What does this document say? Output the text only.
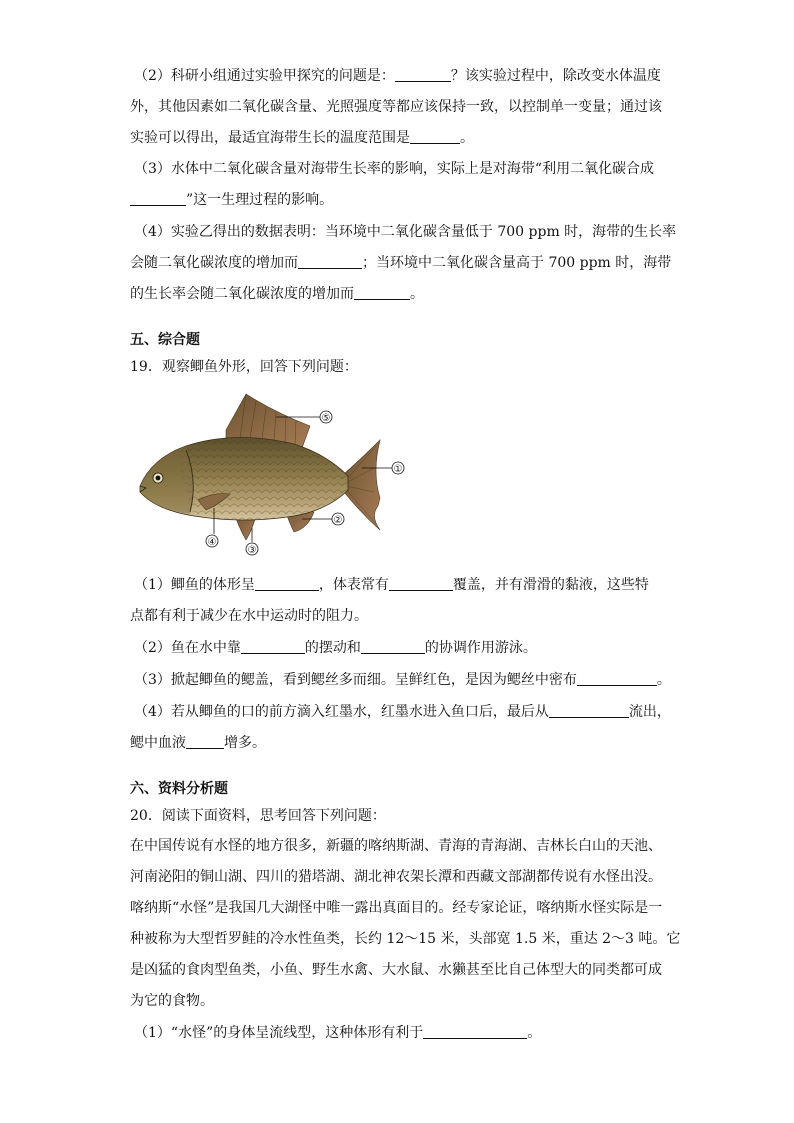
（2）科研小组通过实验甲探究的问题是：	？该实验过程中，除改变水体温度
外，其他因素如二氧化碳含量、光照强度等都应该保持一致，以控制单一变量；通过该
实验可以得出，最适宜海带生长的温度范围是	。
（3）水体中二氧化碳含量对海带生长率的影响，实际上是对海带“利用二氧化碳合成
”这一生理过程的影响。
（4）实验乙得出的数据表明：当环境中二氧化碳含量低于 700 ppm 时，海带的生长率
会随二氧化碳浓度的增加而	；当环境中二氧化碳含量高于 700 ppm 时，海带
的生长率会随二氧化碳浓度的增加而	。
五、综合题
19．观察鲫鱼外形，回答下列问题：
⑤
①
②
③
④
（1）鲫鱼的体形呈	，体表常有	覆盖，并有滑滑的黏液，这些特
点都有利于减少在水中运动时的阻力。
（2）鱼在水中靠	的摆动和	的协调作用游泳。
（3）掀起鲫鱼的鳃盖，看到鳃丝多而细。呈鲜红色，是因为鳃丝中密布	。
（4）若从鲫鱼的口的前方滴入红墨水，红墨水进入鱼口后，最后从	流出，
鳃中血液	增多。
六、资料分析题
20．阅读下面资料，思考回答下列问题：
在中国传说有水怪的地方很多，新疆的喀纳斯湖、青海的青海湖、吉林长白山的天池、
河南泌阳的铜山湖、四川的猎塔湖、湖北神农架长潭和西藏文部湖都传说有水怪出没。
喀纳斯“水怪”是我国几大湖怪中唯一露出真面目的。经专家论证，喀纳斯水怪实际是一
种被称为大型哲罗鲑的冷水性鱼类，长约 12～15 米，头部宽 1.5 米，重达 2～3 吨。它
是凶猛的食肉型鱼类，小鱼、野生水禽、大水鼠、水獭甚至比自己体型大的同类都可成
为它的食物。
（1）“水怪”的身体呈流线型，这种体形有利于	。
